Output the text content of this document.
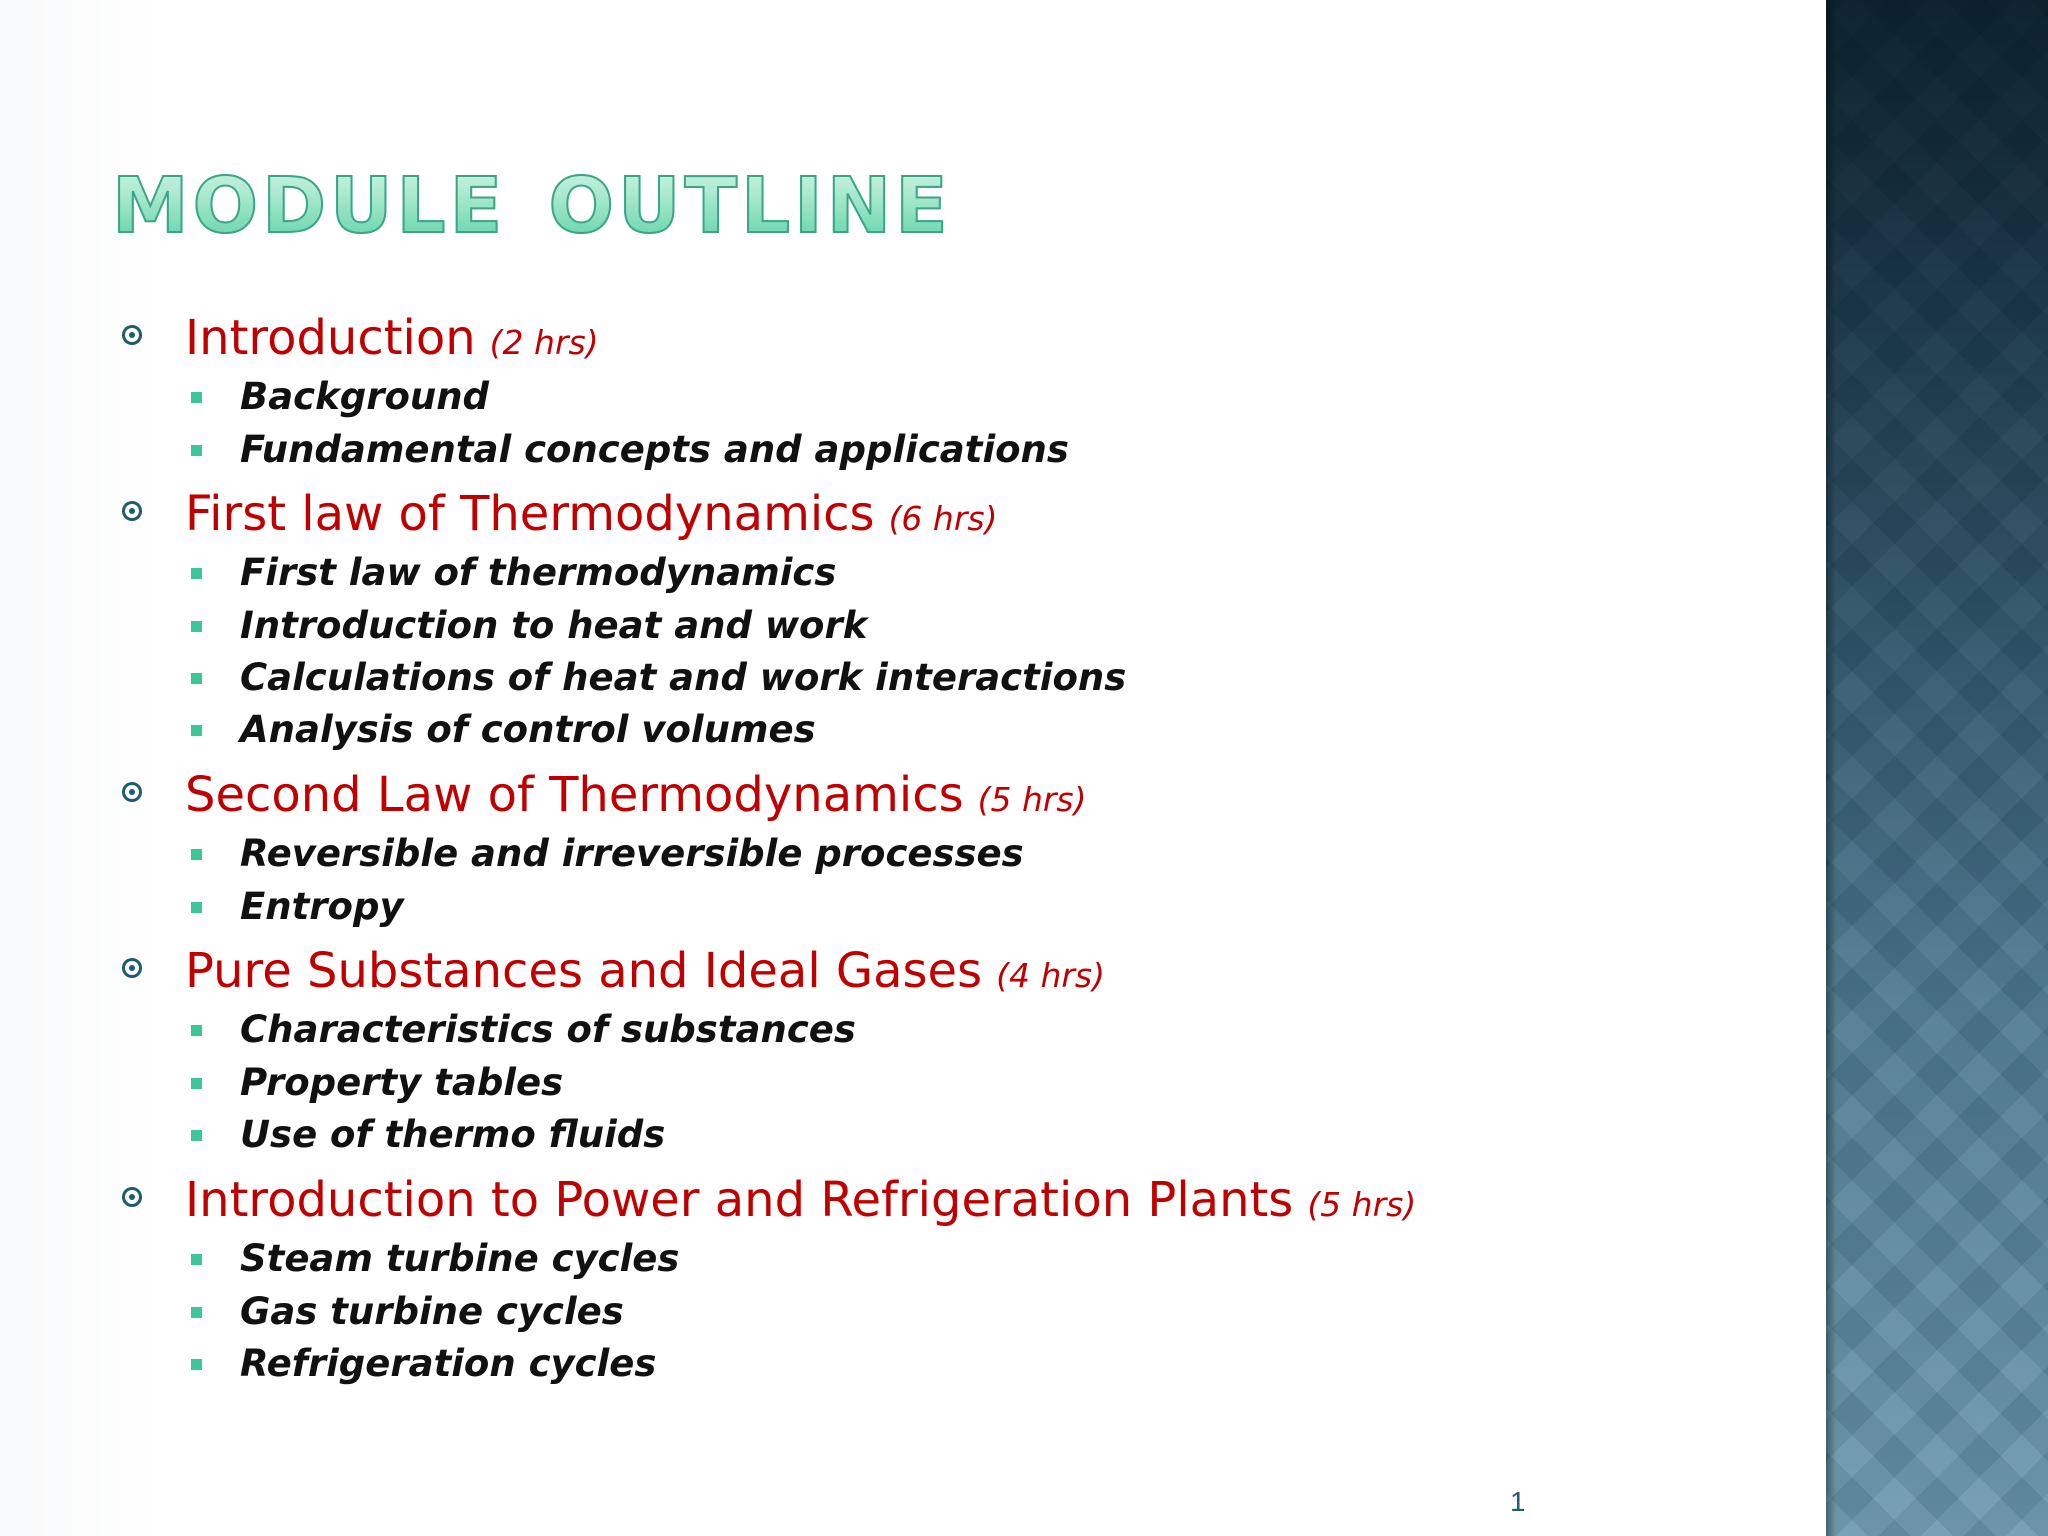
module outline
Introduction (2 hrs)
Background
Fundamental concepts and applications
First law of Thermodynamics (6 hrs)
First law of thermodynamics
Introduction to heat and work
Calculations of heat and work interactions
Analysis of control volumes
Second Law of Thermodynamics (5 hrs)
Reversible and irreversible processes
Entropy
Pure Substances and Ideal Gases (4 hrs)
Characteristics of substances
Property tables
Use of thermo fluids
Introduction to Power and Refrigeration Plants (5 hrs)
Steam turbine cycles
Gas turbine cycles
Refrigeration cycles
1
